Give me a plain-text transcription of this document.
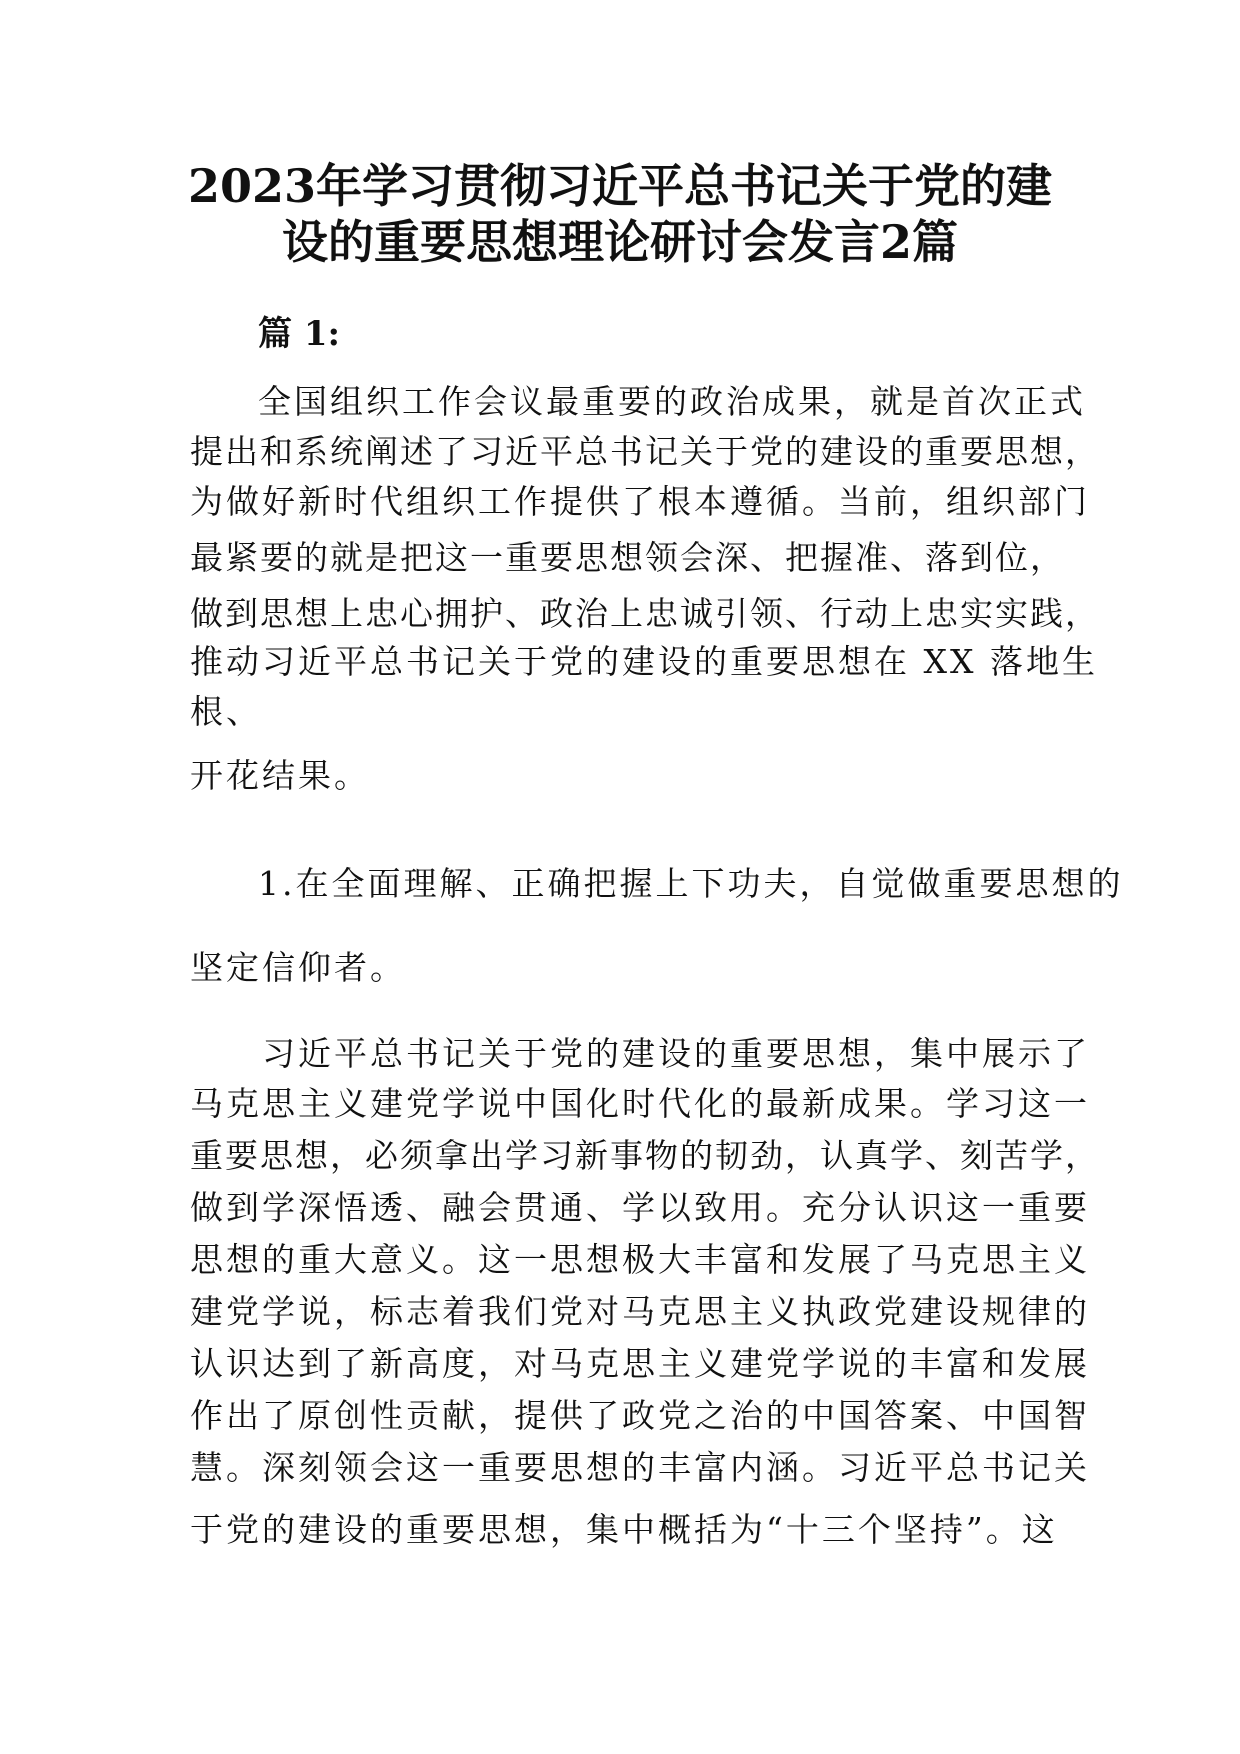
2023年学习贯彻习近平总书记关于党的建
设的重要思想理论研讨会发言2篇
篇 1:
全国组织工作会议最重要的政治成果，就是首次正式
提出和系统阐述了习近平总书记关于党的建设的重要思想，
为做好新时代组织工作提供了根本遵循。当前，组织部门
最紧要的就是把这一重要思想领会深、把握准、落到位，
做到思想上忠心拥护、政治上忠诚引领、行动上忠实实践，
推动习近平总书记关于党的建设的重要思想在 XX 落地生
根、
开花结果。
1.在全面理解、正确把握上下功夫，自觉做重要思想的
坚定信仰者。
习近平总书记关于党的建设的重要思想，集中展示了
马克思主义建党学说中国化时代化的最新成果。学习这一
重要思想，必须拿出学习新事物的韧劲，认真学、刻苦学，
做到学深悟透、融会贯通、学以致用。充分认识这一重要
思想的重大意义。这一思想极大丰富和发展了马克思主义
建党学说，标志着我们党对马克思主义执政党建设规律的
认识达到了新高度，对马克思主义建党学说的丰富和发展
作出了原创性贡献，提供了政党之治的中国答案、中国智
慧。深刻领会这一重要思想的丰富内涵。习近平总书记关
于党的建设的重要思想，集中概括为“十三个坚持”。这
